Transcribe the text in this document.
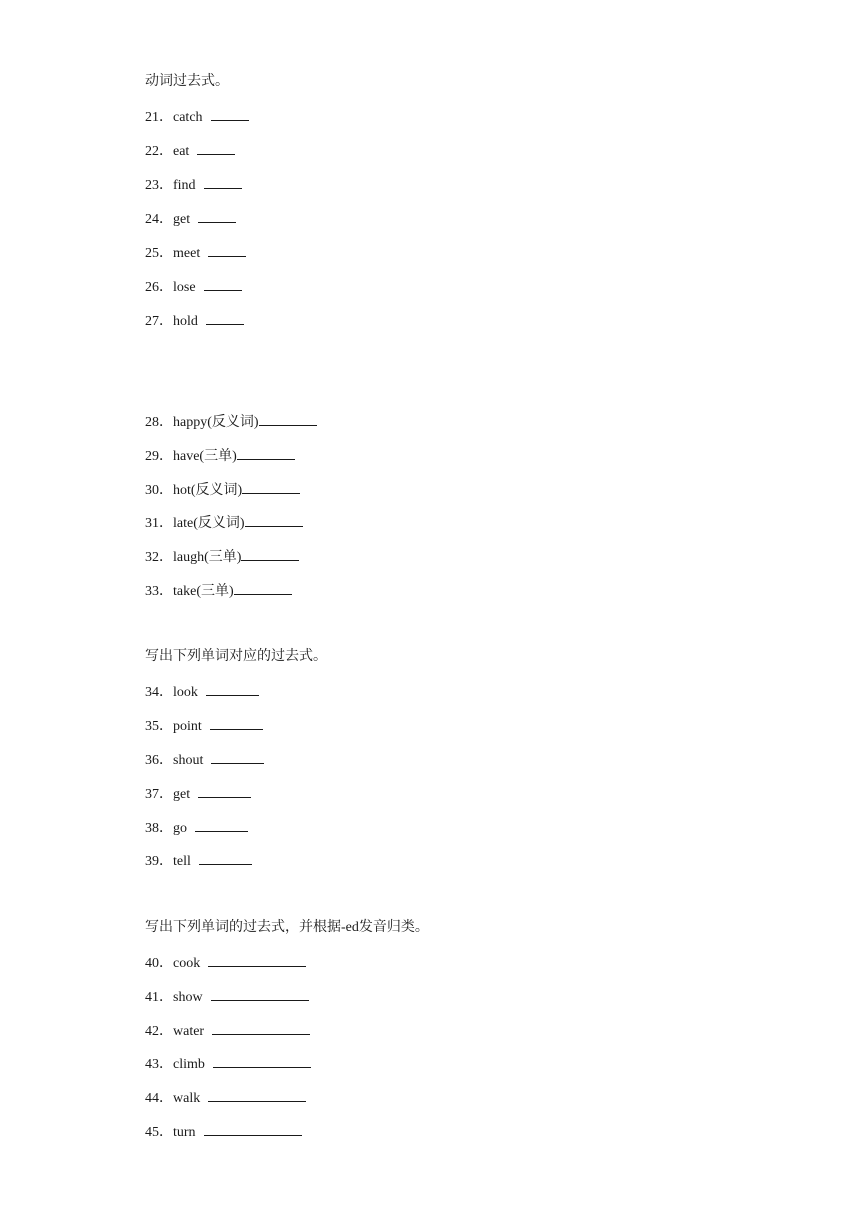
动词过去式。
21．catch
22．eat
23．find
24．get
25．meet
26．lose
27．hold
28．happy(反义词)
29．have(三单)
30．hot(反义词)
31．late(反义词)
32．laugh(三单)
33．take(三单)
写出下列单词对应的过去式。
34．look
35．point
36．shout
37．get
38．go
39．tell
写出下列单词的过去式，并根据-ed发音归类。
40．cook
41．show
42．water
43．climb
44．walk
45．turn
